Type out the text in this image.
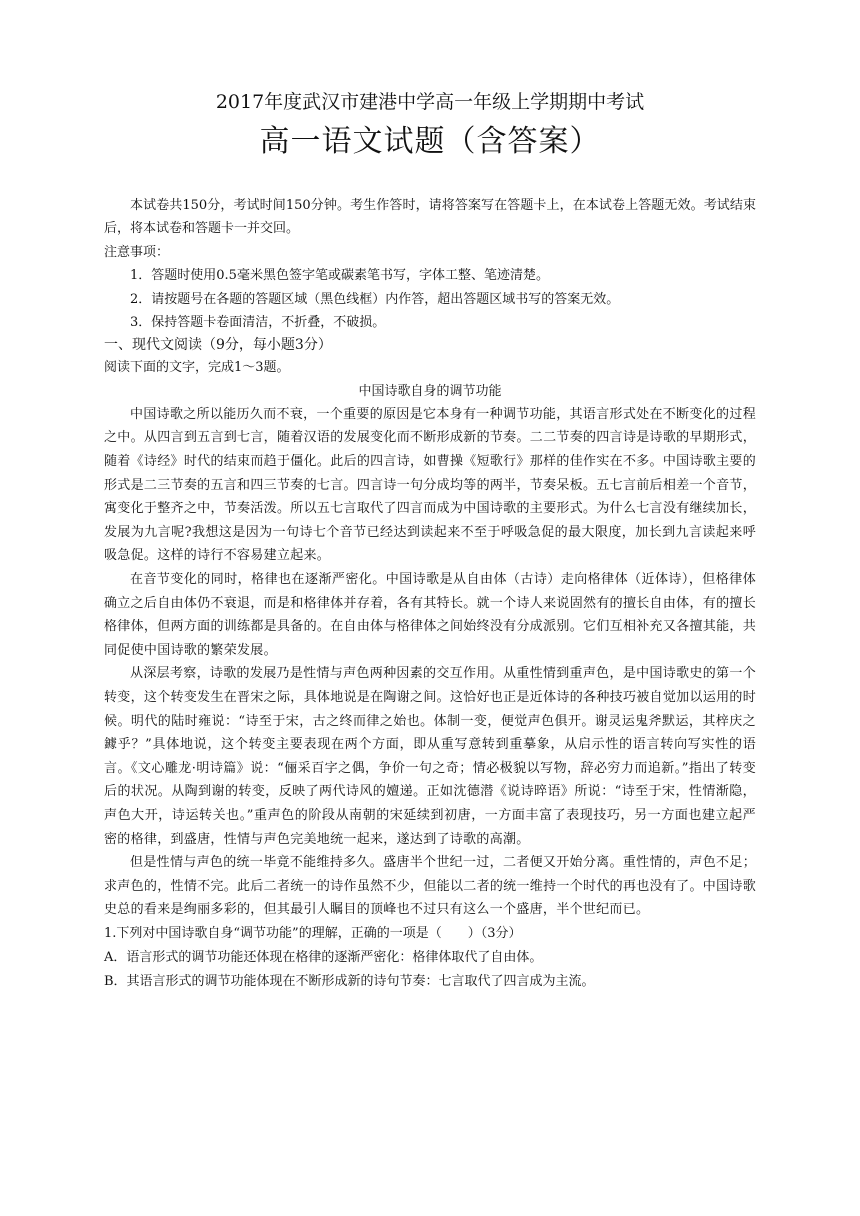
2017年度武汉市建港中学高一年级上学期期中考试

高一语文试题（含答案）

本试卷共150分，考试时间150分钟。考生作答时，请将答案写在答题卡上，在本试卷上答题无效。考试结束后，将本试卷和答题卡一并交回。

注意事项：

1．答题时使用0.5毫米黑色签字笔或碳素笔书写，字体工整、笔迹清楚。

2．请按题号在各题的答题区域（黑色线框）内作答，超出答题区域书写的答案无效。

3．保持答题卡卷面清洁，不折叠，不破损。

一、现代文阅读（9分，每小题3分）

阅读下面的文字，完成1～3题。

中国诗歌自身的调节功能

中国诗歌之所以能历久而不衰，一个重要的原因是它本身有一种调节功能，其语言形式处在不断变化的过程之中。从四言到五言到七言，随着汉语的发展变化而不断形成新的节奏。二二节奏的四言诗是诗歌的早期形式，随着《诗经》时代的结束而趋于僵化。此后的四言诗，如曹操《短歌行》那样的佳作实在不多。中国诗歌主要的形式是二三节奏的五言和四三节奏的七言。四言诗一句分成均等的两半，节奏呆板。五七言前后相差一个音节，寓变化于整齐之中，节奏活泼。所以五七言取代了四言而成为中国诗歌的主要形式。为什么七言没有继续加长，发展为九言呢?我想这是因为一句诗七个音节已经达到读起来不至于呼吸急促的最大限度，加长到九言读起来呼吸急促。这样的诗行不容易建立起来。

在音节变化的同时，格律也在逐渐严密化。中国诗歌是从自由体（古诗）走向格律体（近体诗），但格律体确立之后自由体仍不衰退，而是和格律体并存着，各有其特长。就一个诗人来说固然有的擅长自由体，有的擅长格律体，但两方面的训练都是具备的。在自由体与格律体之间始终没有分成派别。它们互相补充又各擅其能，共同促使中国诗歌的繁荣发展。

从深层考察，诗歌的发展乃是性情与声色两种因素的交互作用。从重性情到重声色，是中国诗歌史的第一个转变，这个转变发生在晋宋之际，具体地说是在陶谢之间。这恰好也正是近体诗的各种技巧被自觉加以运用的时候。明代的陆时雍说：“诗至于宋，古之终而律之始也。体制一变，便觉声色俱开。谢灵运鬼斧默运，其梓庆之鐻乎？”具体地说，这个转变主要表现在两个方面，即从重写意转到重摹象，从启示性的语言转向写实性的语言。《文心雕龙·明诗篇》说：“俪采百字之偶，争价一句之奇；情必极貌以写物，辞必穷力而追新。”指出了转变后的状况。从陶到谢的转变，反映了两代诗风的嬗递。正如沈德潜《说诗晬语》所说：“诗至于宋，性情渐隐，声色大开，诗运转关也。”重声色的阶段从南朝的宋延续到初唐，一方面丰富了表现技巧，另一方面也建立起严密的格律，到盛唐，性情与声色完美地统一起来，遂达到了诗歌的高潮。

但是性情与声色的统一毕竟不能维持多久。盛唐半个世纪一过，二者便又开始分离。重性情的，声色不足；求声色的，性情不完。此后二者统一的诗作虽然不少，但能以二者的统一维持一个时代的再也没有了。中国诗歌史总的看来是绚丽多彩的，但其最引人瞩目的顶峰也不过只有这么一个盛唐，半个世纪而已。

1.下列对中国诗歌自身“调节功能”的理解，正确的一项是（　　）（3分）

A．语言形式的调节功能还体现在格律的逐渐严密化：格律体取代了自由体。

B．其语言形式的调节功能体现在不断形成新的诗句节奏：七言取代了四言成为主流。
